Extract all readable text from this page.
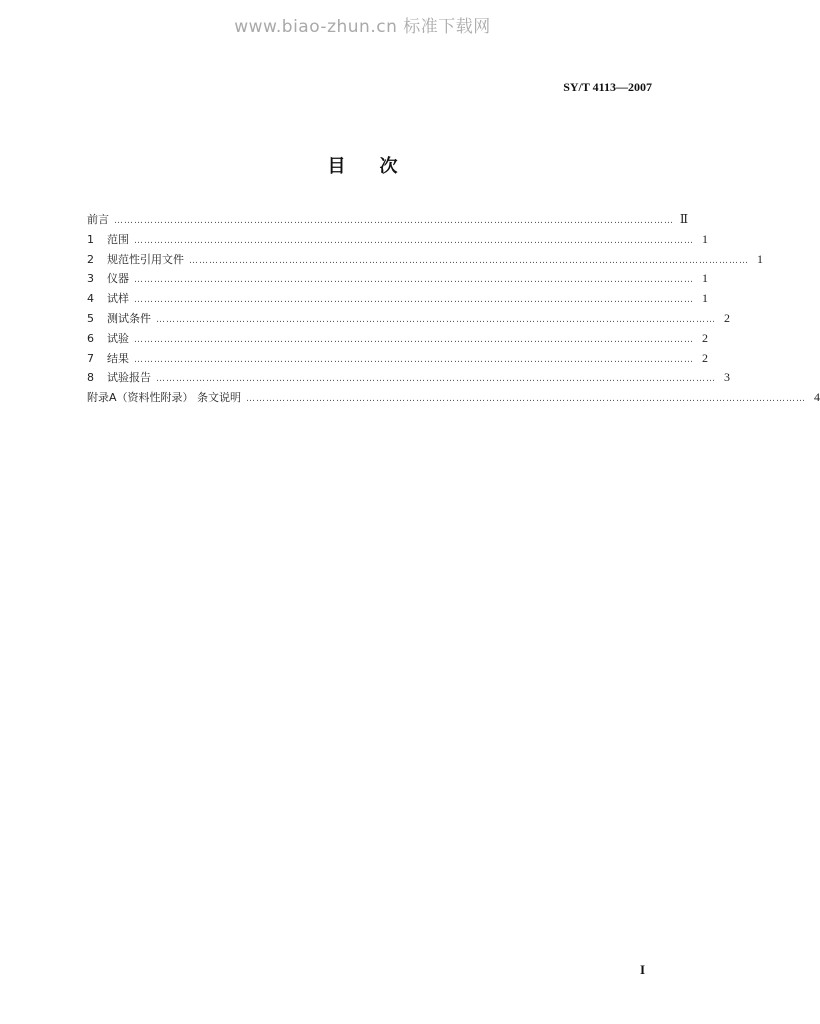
www.biao-zhun.cn 标准下载网
SY/T 4113—2007
目次
前言 …………………………………………………………………………………………………………………………………………………… Ⅱ
1	范围 …………………………………………………………………………………………………………………………………………………… 1
2	规范性引用文件 …………………………………………………………………………………………………………………………………………………… 1
3	仪器 …………………………………………………………………………………………………………………………………………………… 1
4	试样 …………………………………………………………………………………………………………………………………………………… 1
5	测试条件 …………………………………………………………………………………………………………………………………………………… 2
6	试验 …………………………………………………………………………………………………………………………………………………… 2
7	结果 …………………………………………………………………………………………………………………………………………………… 2
8	试验报告 …………………………………………………………………………………………………………………………………………………… 3
附录A（资料性附录） 条文说明 …………………………………………………………………………………………………………………………………………………… 4
I
